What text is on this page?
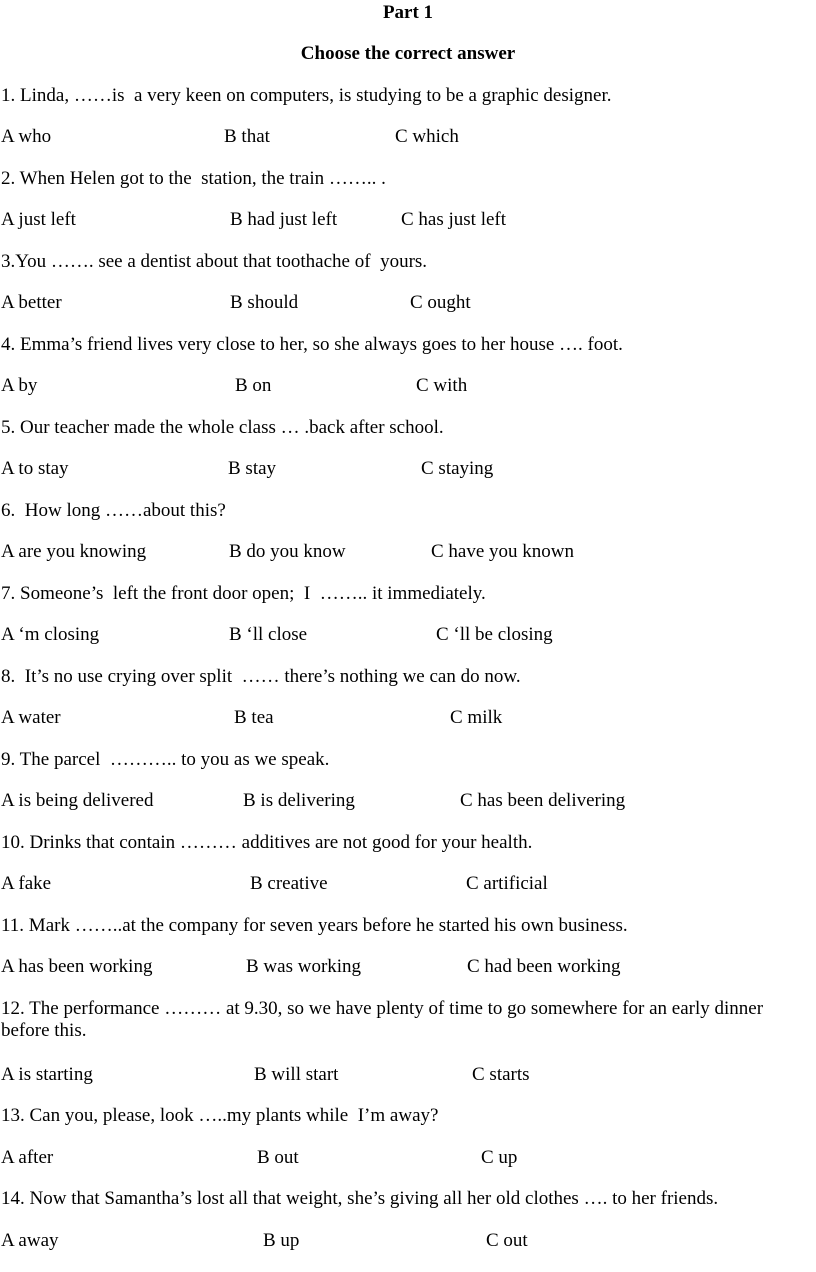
Part 1
Choose the correct answer
1. Linda, ……is  a very keen on computers, is studying to be a graphic designer.
A who	B that	C which
2. When Helen got to the  station, the train …….. .
A just left	B had just left	C has just left
3.You ……. see a dentist about that toothache of  yours.
A better	B should	C ought
4. Emma’s friend lives very close to her, so she always goes to her house …. foot.
A by	B on	C with
5. Our teacher made the whole class … .back after school.
A to stay	B stay	C staying
6.  How long ……about this?
A are you knowing	B do you know	C have you known
7. Someone’s  left the front door open;  I  …….. it immediately.
A ‘m closing	B ‘ll close	C ‘ll be closing
8.  It’s no use crying over split  …… there’s nothing we can do now.
A water	B tea	C milk
9. The parcel  ……….. to you as we speak.
A is being delivered	B is delivering	C has been delivering
10. Drinks that contain ……… additives are not good for your health.
A fake	B creative	C artificial
11. Mark ……..at the company for seven years before he started his own business.
A has been working	B was working	C had been working
12. The performance ……… at 9.30, so we have plenty of time to go somewhere for an early dinner before this.
A is starting	B will start	C starts
13. Can you, please, look …..my plants while  I’m away?
A after	B out	C up
14. Now that Samantha’s lost all that weight, she’s giving all her old clothes …. to her friends.
A away	B up	C out
